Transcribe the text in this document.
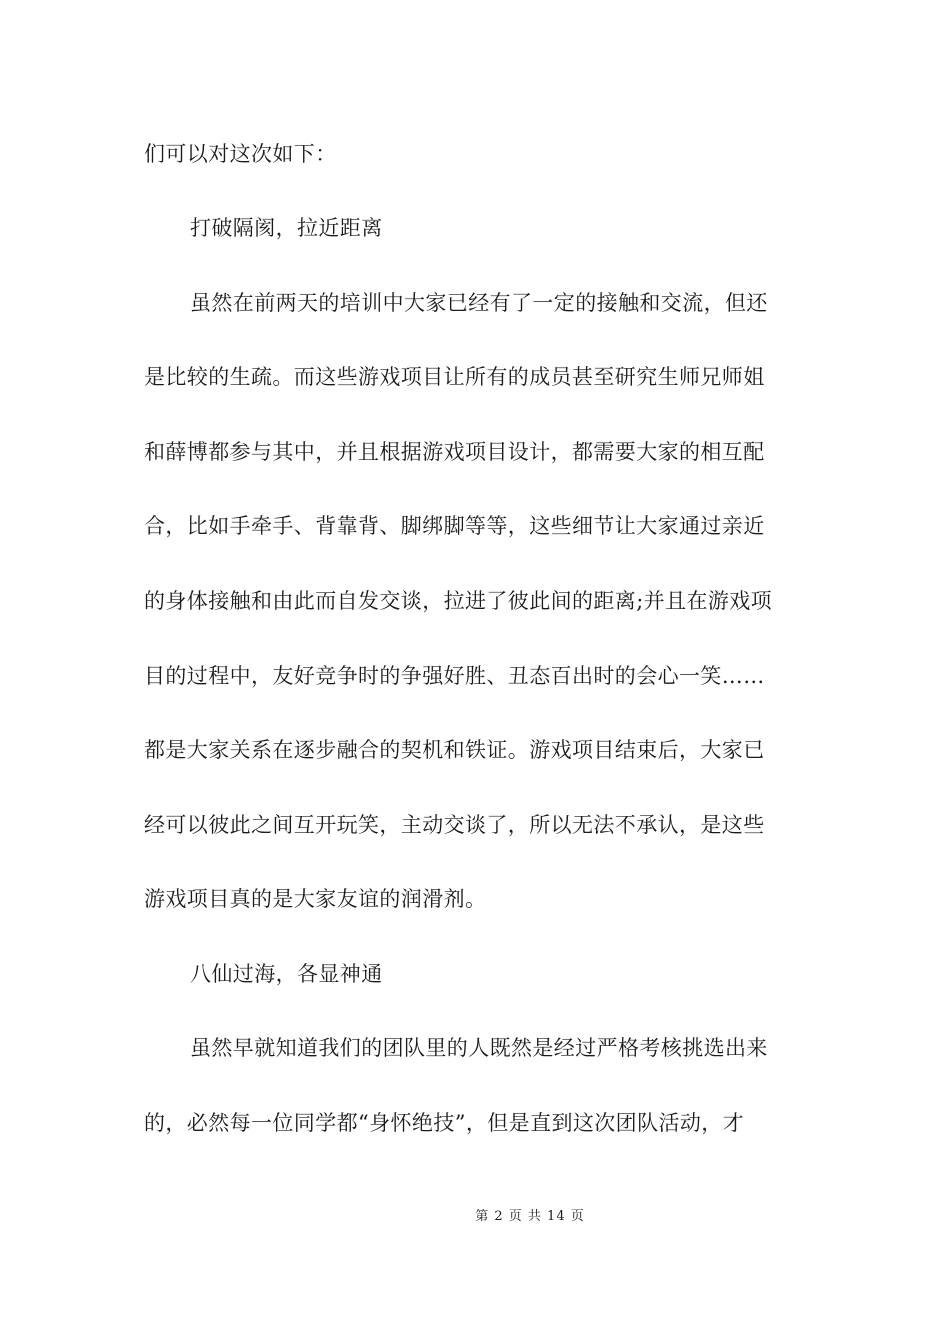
们可以对这次如下：
打破隔阂，拉近距离
虽然在前两天的培训中大家已经有了一定的接触和交流，但还
是比较的生疏。而这些游戏项目让所有的成员甚至研究生师兄师姐
和薛博都参与其中，并且根据游戏项目设计，都需要大家的相互配
合，比如手牵手、背靠背、脚绑脚等等，这些细节让大家通过亲近
的身体接触和由此而自发交谈，拉进了彼此间的距离;并且在游戏项
目的过程中，友好竞争时的争强好胜、丑态百出时的会心一笑……
都是大家关系在逐步融合的契机和铁证。游戏项目结束后，大家已
经可以彼此之间互开玩笑，主动交谈了，所以无法不承认，是这些
游戏项目真的是大家友谊的润滑剂。
八仙过海，各显神通
虽然早就知道我们的团队里的人既然是经过严格考核挑选出来
的，必然每一位同学都“身怀绝技”，但是直到这次团队活动，才
第 2 页 共 14 页
